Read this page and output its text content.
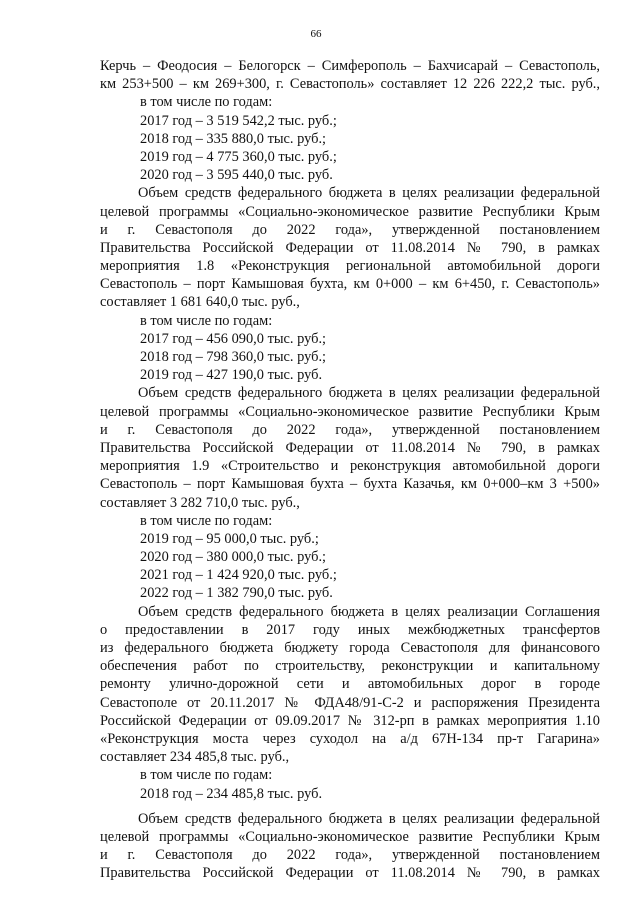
66
Керчь – Феодосия – Белогорск – Симферополь – Бахчисарай – Севастополь,
км 253+500 – км 269+300, г. Севастополь» составляет 12 226 222,2 тыс. руб.,
в том числе по годам:
2017 год – 3 519 542,2 тыс. руб.;
2018 год – 335 880,0 тыс. руб.;
2019 год – 4 775 360,0 тыс. руб.;
2020 год – 3 595 440,0 тыс. руб.
Объем средств федерального бюджета в целях реализации федеральной
целевой программы «Социально-экономическое развитие Республики Крым
и г. Севастополя до 2022 года», утвержденной постановлением
Правительства Российской Федерации от 11.08.2014 № 790, в рамках
мероприятия 1.8 «Реконструкция региональной автомобильной дороги
Севастополь – порт Камышовая бухта, км 0+000 – км 6+450, г. Севастополь»
составляет 1 681 640,0 тыс. руб.,
в том числе по годам:
2017 год – 456 090,0 тыс. руб.;
2018 год – 798 360,0 тыс. руб.;
2019 год – 427 190,0 тыс. руб.
Объем средств федерального бюджета в целях реализации федеральной
целевой программы «Социально-экономическое развитие Республики Крым
и г. Севастополя до 2022 года», утвержденной постановлением
Правительства Российской Федерации от 11.08.2014 № 790, в рамках
мероприятия 1.9 «Строительство и реконструкция автомобильной дороги
Севастополь – порт Камышовая бухта – бухта Казачья, км 0+000–км 3 +500»
составляет 3 282 710,0 тыс. руб.,
в том числе по годам:
2019 год – 95 000,0 тыс. руб.;
2020 год – 380 000,0 тыс. руб.;
2021 год – 1 424 920,0 тыс. руб.;
2022 год – 1 382 790,0 тыс. руб.
Объем средств федерального бюджета в целях реализации Соглашения
о предоставлении в 2017 году иных межбюджетных трансфертов
из федерального бюджета бюджету города Севастополя для финансового
обеспечения работ по строительству, реконструкции и капитальному
ремонту улично-дорожной сети и автомобильных дорог в городе
Севастополе от 20.11.2017 № ФДА48/91-С-2 и распоряжения Президента
Российской Федерации от 09.09.2017 № 312-рп в рамках мероприятия 1.10
«Реконструкция моста через суходол на а/д 67Н-134 пр-т Гагарина»
составляет 234 485,8 тыс. руб.,
в том числе по годам:
2018 год – 234 485,8 тыс. руб.
Объем средств федерального бюджета в целях реализации федеральной
целевой программы «Социально-экономическое развитие Республики Крым
и г. Севастополя до 2022 года», утвержденной постановлением
Правительства Российской Федерации от 11.08.2014 № 790, в рамках
